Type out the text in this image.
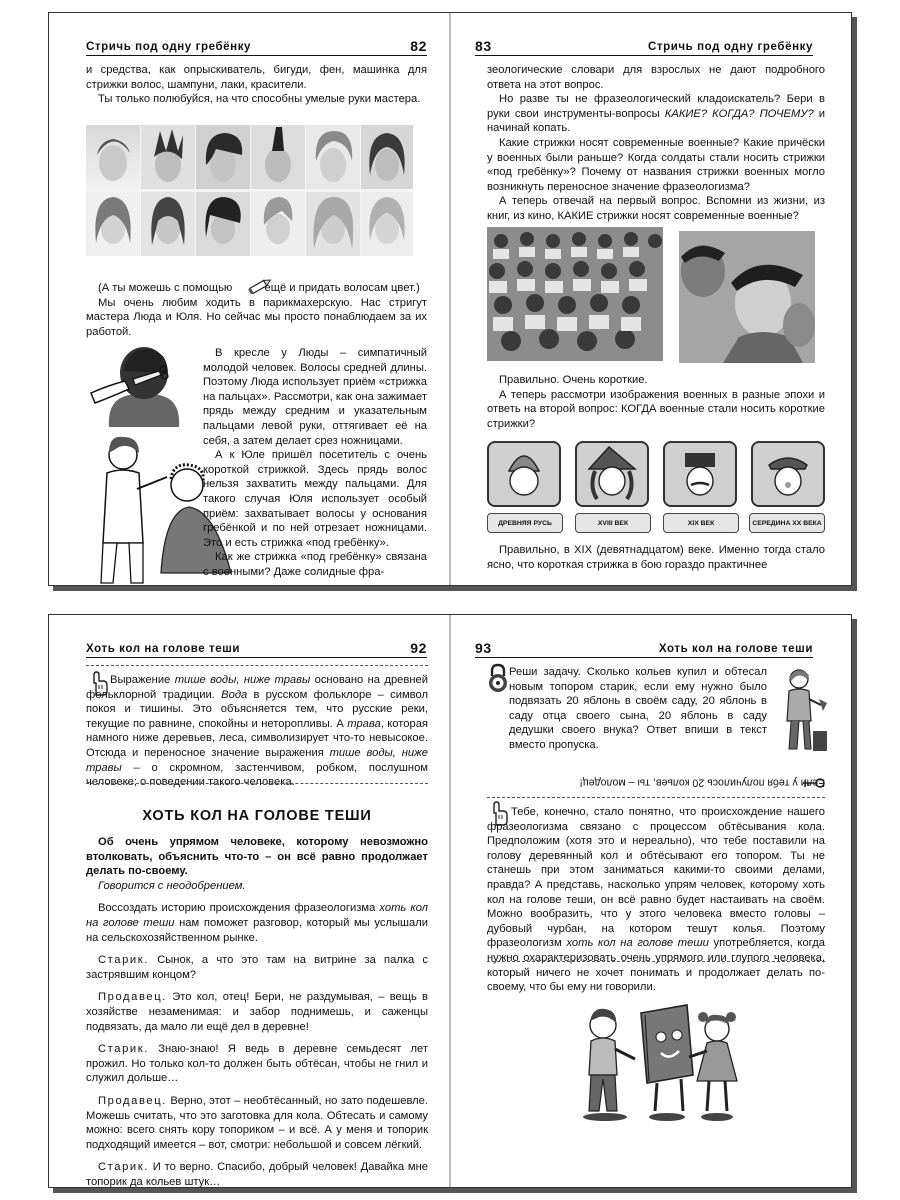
Стричь под одну гребёнку	82

и средства, как опрыскиватель, бигуди, фен, машинка для стрижки волос, шампуни, лаки, красители.

Ты только полюбуйся, на что способны умелые руки мастера.

(А ты можешь с помощью	ещё и придать волосам цвет.)

Мы очень любим ходить в парикмахерскую. Нас стригут мастера Люда и Юля. Но сейчас мы просто понаблюдаем за их работой.

В кресле у Люды – симпатичный молодой человек. Волосы средней длины. Поэтому Люда использует приём «стрижка на пальцах». Рассмотри, как она зажимает прядь между средним и указательным пальцами левой руки, оттягивает её на себя, а затем делает срез ножницами.

А к Юле пришёл посетитель с очень короткой стрижкой. Здесь прядь волос нельзя захватить между пальцами. Для такого случая Юля использует особый приём: захватывает волосы у основания гребёнкой и по ней отрезает ножницами. Это и есть стрижка «под гребёнку».

Как же стрижка «под гребёнку» связана с военными? Даже солидные фра-

83	Стричь под одну гребёнку

зеологические словари для взрослых не дают подробного ответа на этот вопрос.

Но разве ты не фразеологический кладоискатель? Бери в руки свои инструменты-вопросы КАКИЕ? КОГДА? ПОЧЕМУ? и начинай копать.

Какие стрижки носят современные военные? Какие причёски у военных были раньше? Когда солдаты стали носить стрижки «под гребёнку»? Почему от названия стрижки военных могло возникнуть переносное значение фразеологизма?

А теперь отвечай на первый вопрос. Вспомни из жизни, из книг, из кино, КАКИЕ стрижки носят современные военные?

Правильно. Очень короткие.

А теперь рассмотри изображения военных в разные эпохи и ответь на второй вопрос: КОГДА военные стали носить короткие стрижки?

ДРЕВНЯЯ РУСЬ	XVIII ВЕК	XIX ВЕК	СЕРЕДИНА XX ВЕКА

Правильно, в XIX (девятнадцатом) веке. Именно тогда стало ясно, что короткая стрижка в бою гораздо практичнее

Хоть кол на голове теши	92

Выражение тише воды, ниже травы основано на древней фольклорной традиции. Вода в русском фольклоре – символ покоя и тишины. Это объясняется тем, что русские реки, текущие по равнине, спокойны и неторопливы. А трава, которая намного ниже деревьев, леса, символизирует что-то невысокое. Отсюда и переносное значение выражения тише воды, ниже травы – о скромном, застенчивом, робком, послушном человеке; о поведении такого человека.

ХОТЬ КОЛ НА ГОЛОВЕ ТЕШИ

Об очень упрямом человеке, которому невозможно втолковать, объяснить что-то – он всё равно продолжает делать по-своему.

Говорится с неодобрением.

Воссоздать историю происхождения фразеологизма хоть кол на голове теши нам поможет разговор, который мы услышали на сельскохозяйственном рынке.

Старик. Сынок, а что это там на витрине за палка с застрявшим концом?

Продавец. Это кол, отец! Бери, не раздумывая, – вещь в хозяйстве незаменимая: и забор поднимешь, и саженцы подвязать, да мало ли ещё дел в деревне!

Старик. Знаю-знаю! Я ведь в деревне семьдесят лет прожил. Но только кол-то должен быть обтёсан, чтобы не гнил и служил дольше…

Продавец. Верно, этот – необтёсанный, но зато подешевле. Можешь считать, что это заготовка для кола. Обтесать и самому можно: всего снять кору топориком – и всё. А у меня и топорик подходящий имеется – вот, смотри: небольшой и совсем лёгкий.

Старик. И то верно. Спасибо, добрый человек! Давайка мне топорик да кольев штук…

93	Хоть кол на голове теши

Реши задачу. Сколько кольев купил и обтесал новым топором старик, если ему нужно было подвязать 20 яблонь в своём саду, 20 яблонь в саду отца своего сына, 20 яблонь в саду дедушки своего внука? Ответ впиши в текст вместо пропуска.

Если у тебя получилось 20 кольев, ты – молодец!

Тебе, конечно, стало понятно, что происхождение нашего фразеологизма связано с процессом обтёсывания кола. Предположим (хотя это и нереально), что тебе поставили на голову деревянный кол и обтёсывают его топором. Ты не станешь при этом заниматься какими-то своими делами, правда? А представь, насколько упрям человек, которому хоть кол на голове теши, он всё равно будет настаивать на своём. Можно вообразить, что у этого человека вместо головы – дубовый чурбан, на котором тешут колья. Поэтому фразеологизм хоть кол на голове теши употребляется, когда нужно охарактеризовать очень упрямого или глупого человека, который ничего не хочет понимать и продолжает делать по-своему, что бы ему ни говорили.
